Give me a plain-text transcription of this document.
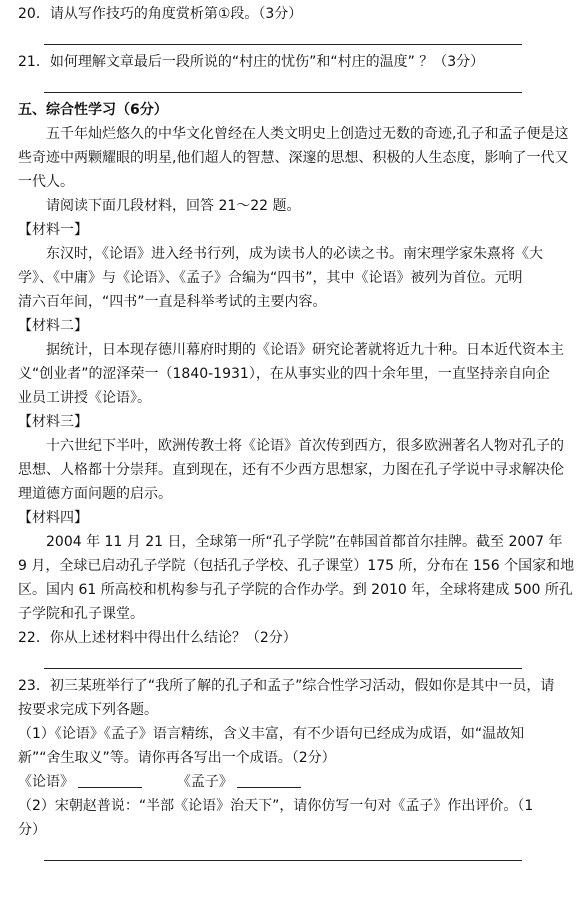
20．请从写作技巧的角度赏析第①段。（3分）
21．如何理解文章最后一段所说的“村庄的忧伤”和“村庄的温度” ？（3分）
五、综合性学习（6分）
五千年灿烂悠久的中华文化曾经在人类文明史上创造过无数的奇迹,孔子和孟子便是这
些奇迹中两颗耀眼的明星,他们超人的智慧、深邃的思想、积极的人生态度，影响了一代又
一代人。
请阅读下面几段材料，回答 21～22 题。
【材料一】
东汉时，《论语》进入经书行列，成为读书人的必读之书。南宋理学家朱熹将《大
学》、《中庸》与《论语》、《孟子》合编为“四书”，其中《论语》被列为首位。元明
清六百年间，“四书”一直是科举考试的主要内容。
【材料二】
据统计，日本现存德川幕府时期的《论语》研究论著就将近九十种。日本近代资本主
义“创业者”的涩泽荣一（1840-1931），在从事实业的四十余年里，一直坚持亲自向企
业员工讲授《论语》。
【材料三】
十六世纪下半叶，欧洲传教士将《论语》首次传到西方，很多欧洲著名人物对孔子的
思想、人格都十分崇拜。直到现在，还有不少西方思想家，力图在孔子学说中寻求解决伦
理道德方面问题的启示。
【材料四】
2004 年 11 月 21 日，全球第一所“孔子学院”在韩国首都首尔挂牌。截至 2007 年
9 月，全球已启动孔子学院（包括孔子学校、孔子课堂）175 所，分布在 156 个国家和地
区。国内 61 所高校和机构参与孔子学院的合作办学。到 2010 年，全球将建成 500 所孔
子学院和孔子课堂。
22．你从上述材料中得出什么结论？（2分）
23．初三某班举行了“我所了解的孔子和孟子”综合性学习活动，假如你是其中一员，请
按要求完成下列各题。
（1）《论语》《孟子》语言精练，含义丰富，有不少语句已经成为成语，如“温故知
新”“舍生取义”等。请你再各写出一个成语。（2分）
《论语》	《孟子》
（2）宋朝赵普说：“半部《论语》治天下”，请你仿写一句对《孟子》作出评价。（1
分）
